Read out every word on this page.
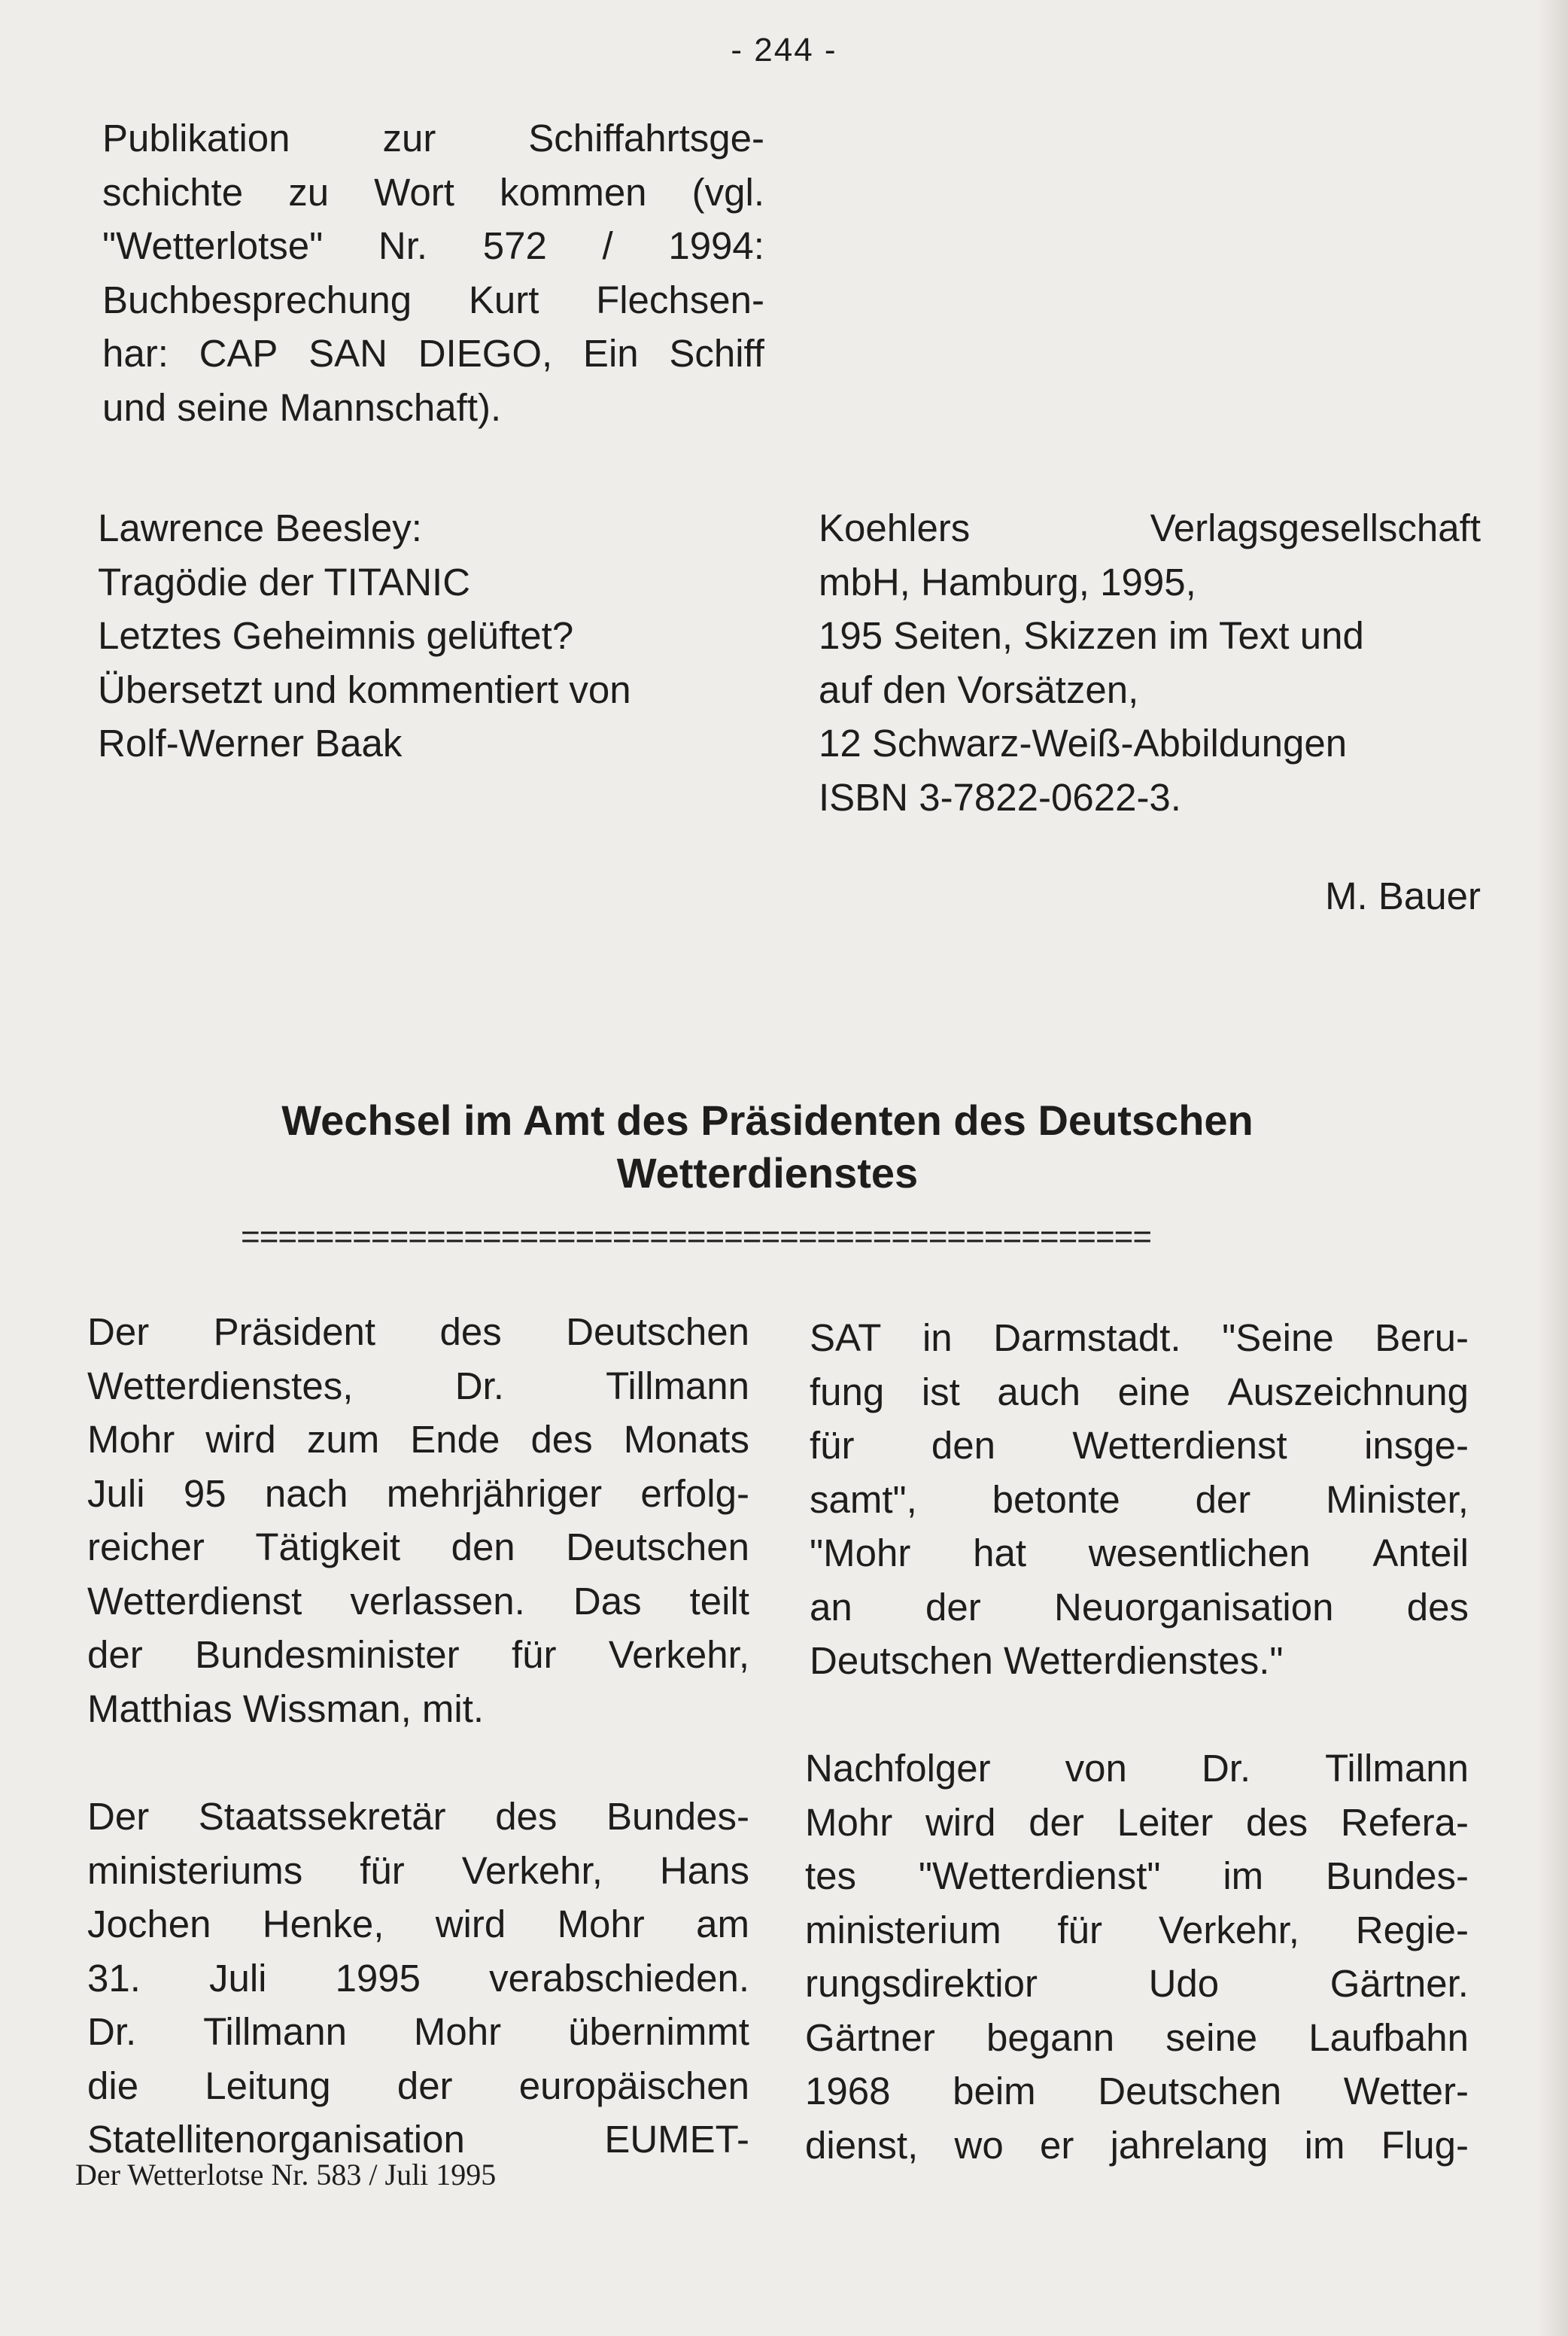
- 244 -
Publikation zur Schiffahrtsge-
schichte zu Wort kommen (vgl.
"Wetterlotse" Nr. 572 / 1994:
Buchbesprechung Kurt Flechsen-
har: CAP SAN DIEGO, Ein Schiff
und seine Mannschaft).
Lawrence Beesley:
Tragödie der TITANIC
Letztes Geheimnis gelüftet?
Übersetzt und kommentiert von
Rolf-Werner Baak
Koehlers	Verlagsgesellschaft
mbH, Hamburg, 1995,
195 Seiten, Skizzen im Text und
auf den Vorsätzen,
12 Schwarz-Weiß-Abbildungen
ISBN 3-7822-0622-3.
M. Bauer
Wechsel im Amt des Präsidenten des Deutschen
Wetterdienstes
=================================================
Der Präsident des Deutschen
Wetterdienstes,	Dr.	Tillmann
Mohr wird zum Ende des Monats
Juli 95 nach mehrjähriger erfolg-
reicher Tätigkeit den Deutschen
Wetterdienst verlassen. Das teilt
der Bundesminister für Verkehr,
Matthias Wissman, mit.
Der Staatssekretär des Bundes-
ministeriums für Verkehr, Hans
Jochen Henke, wird Mohr am
31. Juli 1995 verabschieden.
Dr. Tillmann Mohr übernimmt
die Leitung der europäischen
Statellitenorganisation	EUMET-
SAT in Darmstadt. "Seine Beru-
fung ist auch eine Auszeichnung
für den Wetterdienst insge-
samt", betonte der Minister,
"Mohr hat wesentlichen Anteil
an der Neuorganisation des
Deutschen Wetterdienstes."
Nachfolger von Dr. Tillmann
Mohr wird der Leiter des Refera-
tes "Wetterdienst" im Bundes-
ministerium für Verkehr, Regie-
rungsdirektior	Udo	Gärtner.
Gärtner begann seine Laufbahn
1968 beim Deutschen Wetter-
dienst, wo er jahrelang im Flug-
Der Wetterlotse Nr. 583 / Juli 1995
